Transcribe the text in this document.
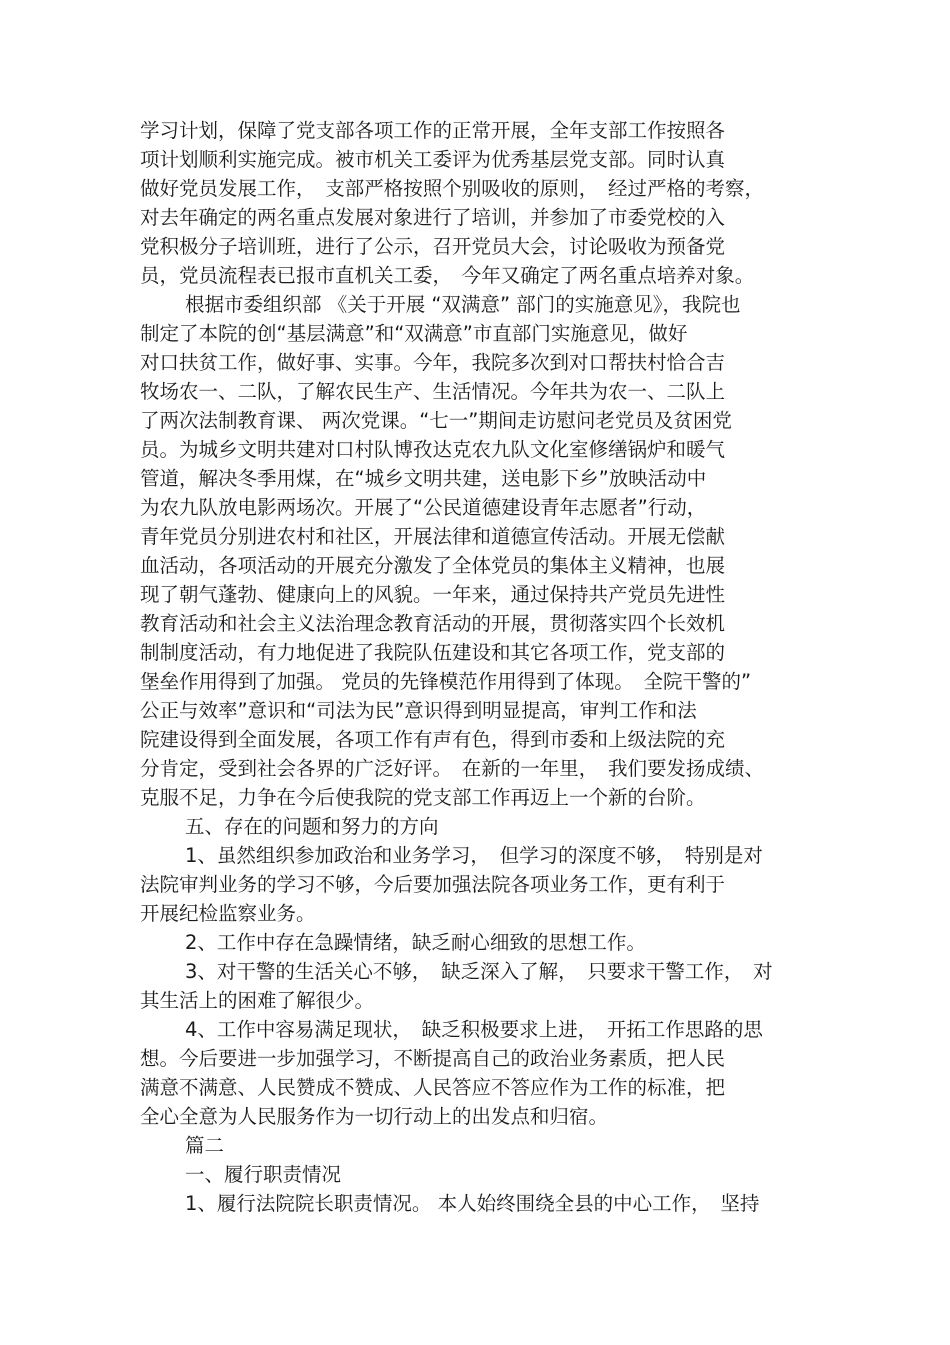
学习计划，保障了党支部各项工作的正常开展，全年支部工作按照各
项计划顺利实施完成。被市机关工委评为优秀基层党支部。同时认真
做好党员发展工作，　支部严格按照个别吸收的原则，　经过严格的考察，
对去年确定的两名重点发展对象进行了培训，并参加了市委党校的入
党积极分子培训班，进行了公示，召开党员大会，讨论吸收为预备党
员，党员流程表已报市直机关工委，　今年又确定了两名重点培养对象。
根据市委组织部 《关于开展 “双满意” 部门的实施意见》，我院也
制定了本院的创“基层满意”和“双满意”市直部门实施意见，做好
对口扶贫工作，做好事、实事。今年，我院多次到对口帮扶村恰合吉
牧场农一、二队，了解农民生产、生活情况。今年共为农一、二队上
了两次法制教育课、 两次党课。“七一”期间走访慰问老党员及贫困党
员。为城乡文明共建对口村队博孜达克农九队文化室修缮锅炉和暖气
管道，解决冬季用煤，在“城乡文明共建，送电影下乡”放映活动中
为农九队放电影两场次。开展了“公民道德建设青年志愿者”行动，
青年党员分别进农村和社区，开展法律和道德宣传活动。开展无偿献
血活动，各项活动的开展充分激发了全体党员的集体主义精神，也展
现了朝气蓬勃、健康向上的风貌。一年来，通过保持共产党员先进性
教育活动和社会主义法治理念教育活动的开展，贯彻落实四个长效机
制制度活动，有力地促进了我院队伍建设和其它各项工作，党支部的
堡垒作用得到了加强。 党员的先锋模范作用得到了体现。　全院干警的”
公正与效率”意识和“司法为民”意识得到明显提高，审判工作和法
院建设得到全面发展，各项工作有声有色，得到市委和上级法院的充
分肯定，受到社会各界的广泛好评。　在新的一年里，　我们要发扬成绩、
克服不足，力争在今后使我院的党支部工作再迈上一个新的台阶。
五、存在的问题和努力的方向
1、虽然组织参加政治和业务学习，　但学习的深度不够，　特别是对
法院审判业务的学习不够，今后要加强法院各项业务工作，更有利于
开展纪检监察业务。
2、工作中存在急躁情绪，缺乏耐心细致的思想工作。
3、对干警的生活关心不够，　缺乏深入了解，　只要求干警工作，　对
其生活上的困难了解很少。
4、工作中容易满足现状，　缺乏积极要求上进，　开拓工作思路的思
想。今后要进一步加强学习，不断提高自己的政治业务素质，把人民
满意不满意、人民赞成不赞成、人民答应不答应作为工作的标准，把
全心全意为人民服务作为一切行动上的出发点和归宿。
篇二
一、履行职责情况
1、履行法院院长职责情况。 本人始终围绕全县的中心工作，　坚持
